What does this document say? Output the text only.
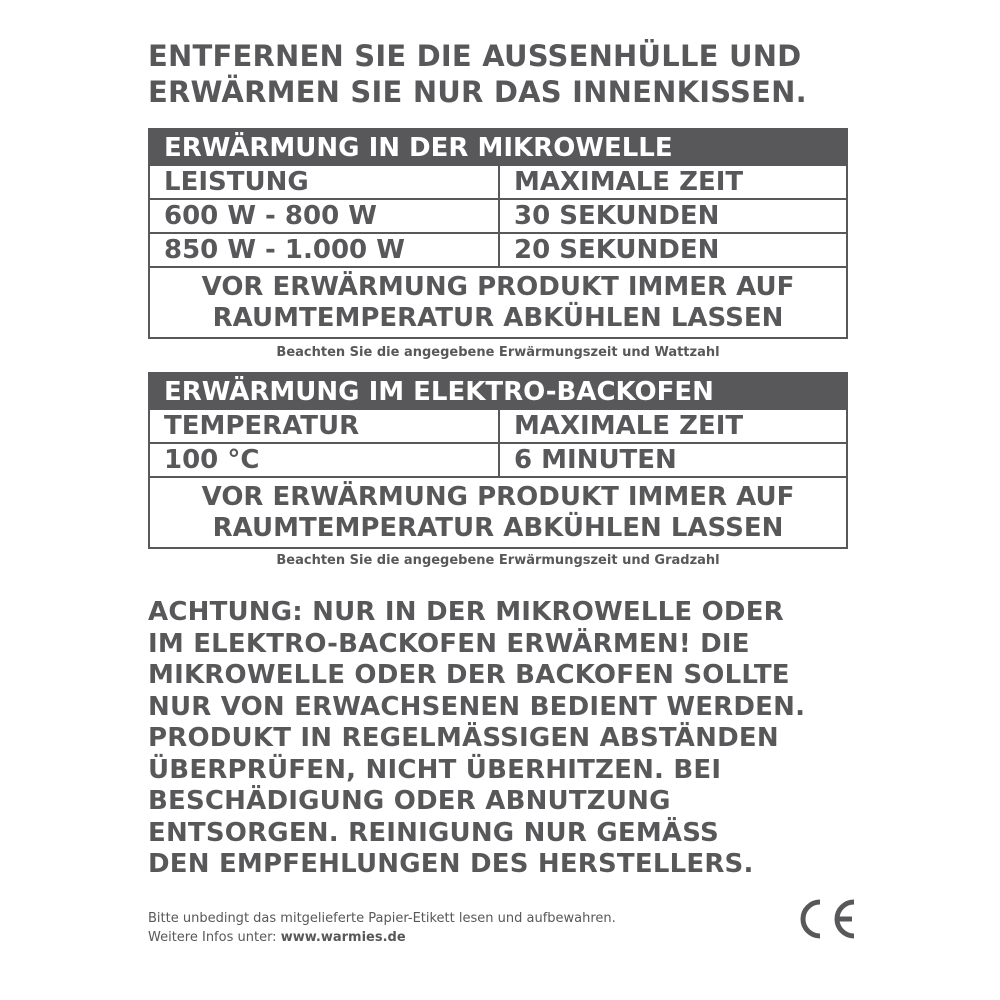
ENTFERNEN SIE DIE AUSSENHÜLLE UND
ERWÄRMEN SIE NUR DAS INNENKISSEN.
ERWÄRMUNG IN DER MIKROWELLE
LEISTUNG	MAXIMALE ZEIT
600 W - 800 W	30 SEKUNDEN
850 W - 1.000 W	20 SEKUNDEN
VOR ERWÄRMUNG PRODUKT IMMER AUF
RAUMTEMPERATUR ABKÜHLEN LASSEN
Beachten Sie die angegebene Erwärmungszeit und Wattzahl
ERWÄRMUNG IM ELEKTRO-BACKOFEN
TEMPERATUR	MAXIMALE ZEIT
100 °C	6 MINUTEN
VOR ERWÄRMUNG PRODUKT IMMER AUF
RAUMTEMPERATUR ABKÜHLEN LASSEN
Beachten Sie die angegebene Erwärmungszeit und Gradzahl
ACHTUNG: NUR IN DER MIKROWELLE ODER
IM ELEKTRO-BACKOFEN ERWÄRMEN! DIE
MIKROWELLE ODER DER BACKOFEN SOLLTE
NUR VON ERWACHSENEN BEDIENT WERDEN.
PRODUKT IN REGELMÄSSIGEN ABSTÄNDEN
ÜBERPRÜFEN, NICHT ÜBERHITZEN. BEI
BESCHÄDIGUNG ODER ABNUTZUNG
ENTSORGEN. REINIGUNG NUR GEMÄSS
DEN EMPFEHLUNGEN DES HERSTELLERS.
Bitte unbedingt das mitgelieferte Papier-Etikett lesen und aufbewahren.
Weitere Infos unter: www.warmies.de
